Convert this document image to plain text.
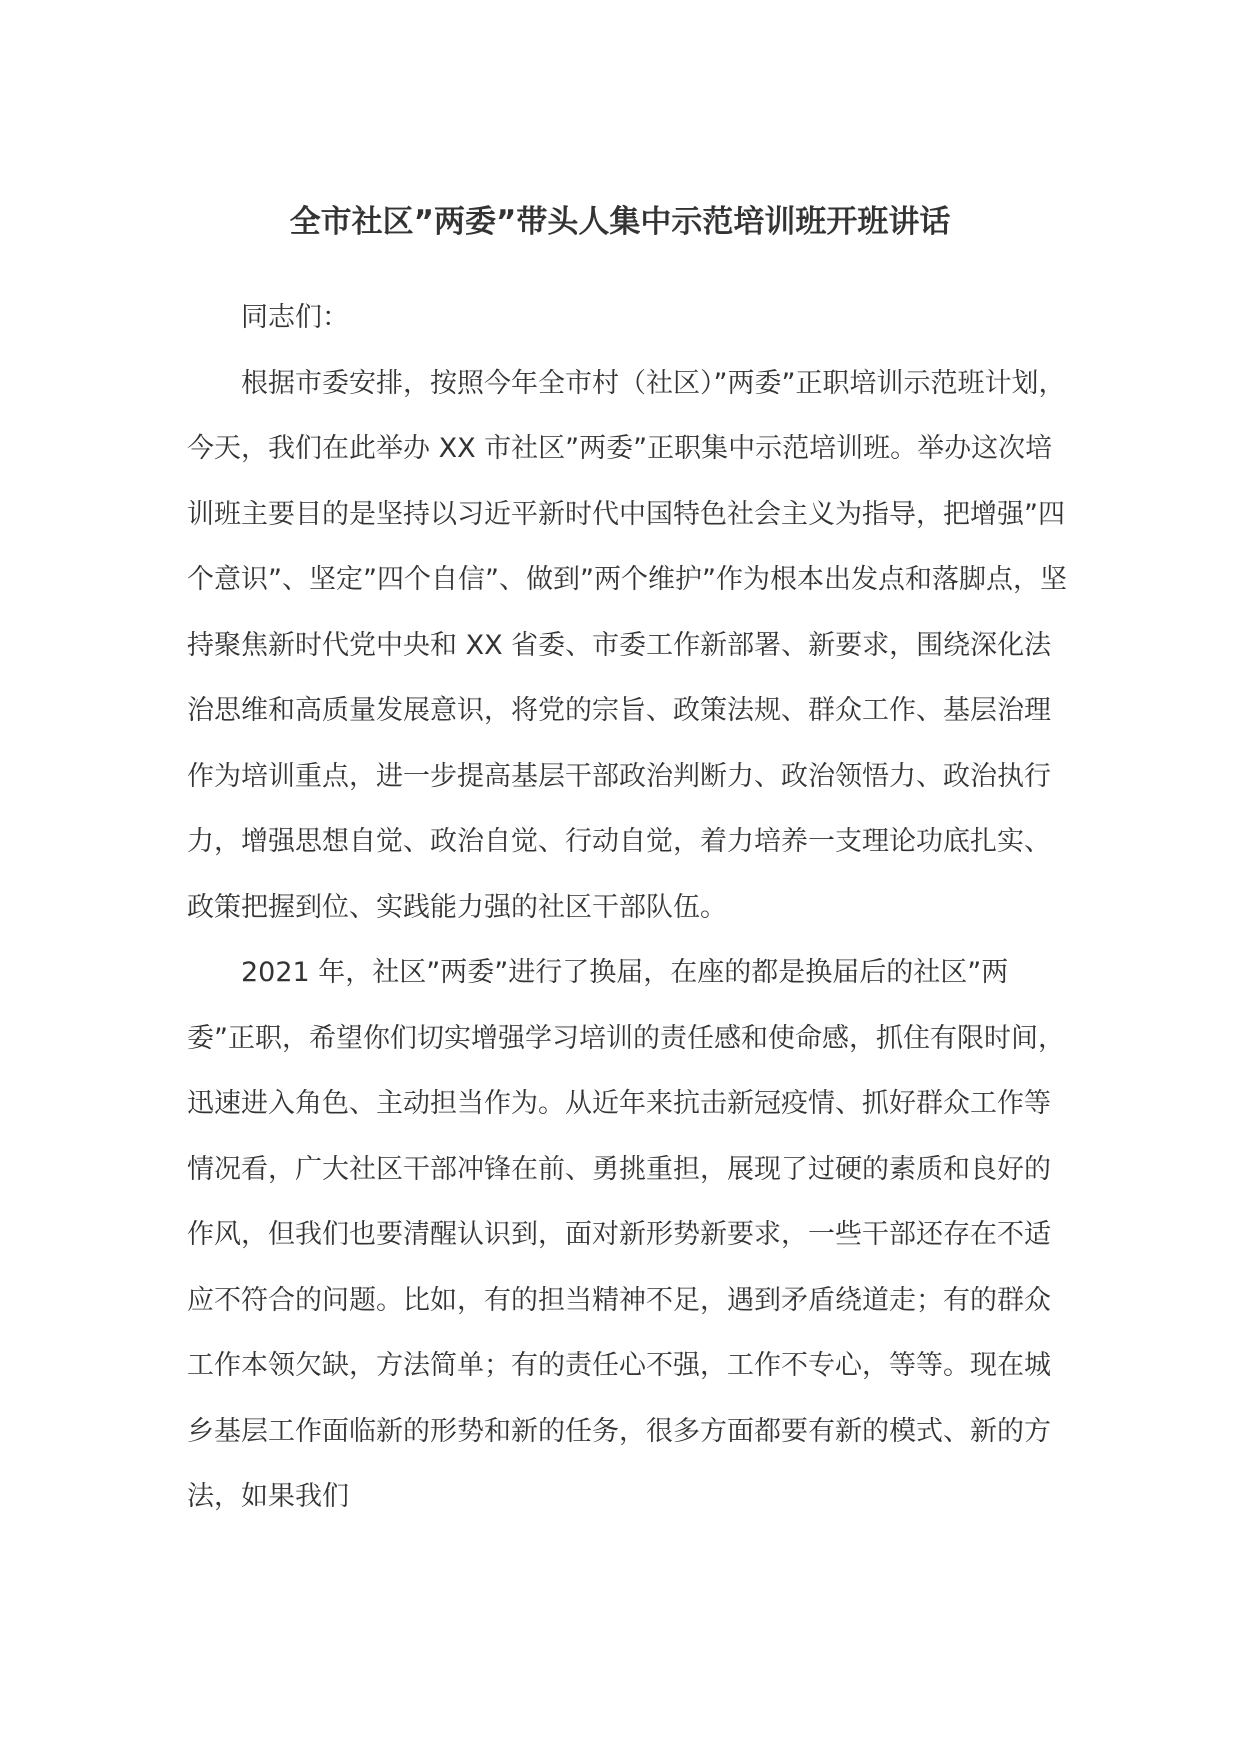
全市社区”两委”带头人集中示范培训班开班讲话

同志们：

根据市委安排，按照今年全市村（社区）”两委”正职培训示范班计划，今天，我们在此举办 XX 市社区”两委”正职集中示范培训班。举办这次培训班主要目的是坚持以习近平新时代中国特色社会主义为指导，把增强”四个意识”、坚定”四个自信”、做到”两个维护”作为根本出发点和落脚点，坚持聚焦新时代党中央和 XX 省委、市委工作新部署、新要求，围绕深化法治思维和高质量发展意识，将党的宗旨、政策法规、群众工作、基层治理作为培训重点，进一步提高基层干部政治判断力、政治领悟力、政治执行力，增强思想自觉、政治自觉、行动自觉，着力培养一支理论功底扎实、政策把握到位、实践能力强的社区干部队伍。

2021 年，社区”两委”进行了换届，在座的都是换届后的社区”两委”正职，希望你们切实增强学习培训的责任感和使命感，抓住有限时间，迅速进入角色、主动担当作为。从近年来抗击新冠疫情、抓好群众工作等情况看，广大社区干部冲锋在前、勇挑重担，展现了过硬的素质和良好的作风，但我们也要清醒认识到，面对新形势新要求，一些干部还存在不适应不符合的问题。比如，有的担当精神不足，遇到矛盾绕道走；有的群众工作本领欠缺，方法简单；有的责任心不强，工作不专心，等等。现在城乡基层工作面临新的形势和新的任务，很多方面都要有新的模式、新的方法，如果我们
